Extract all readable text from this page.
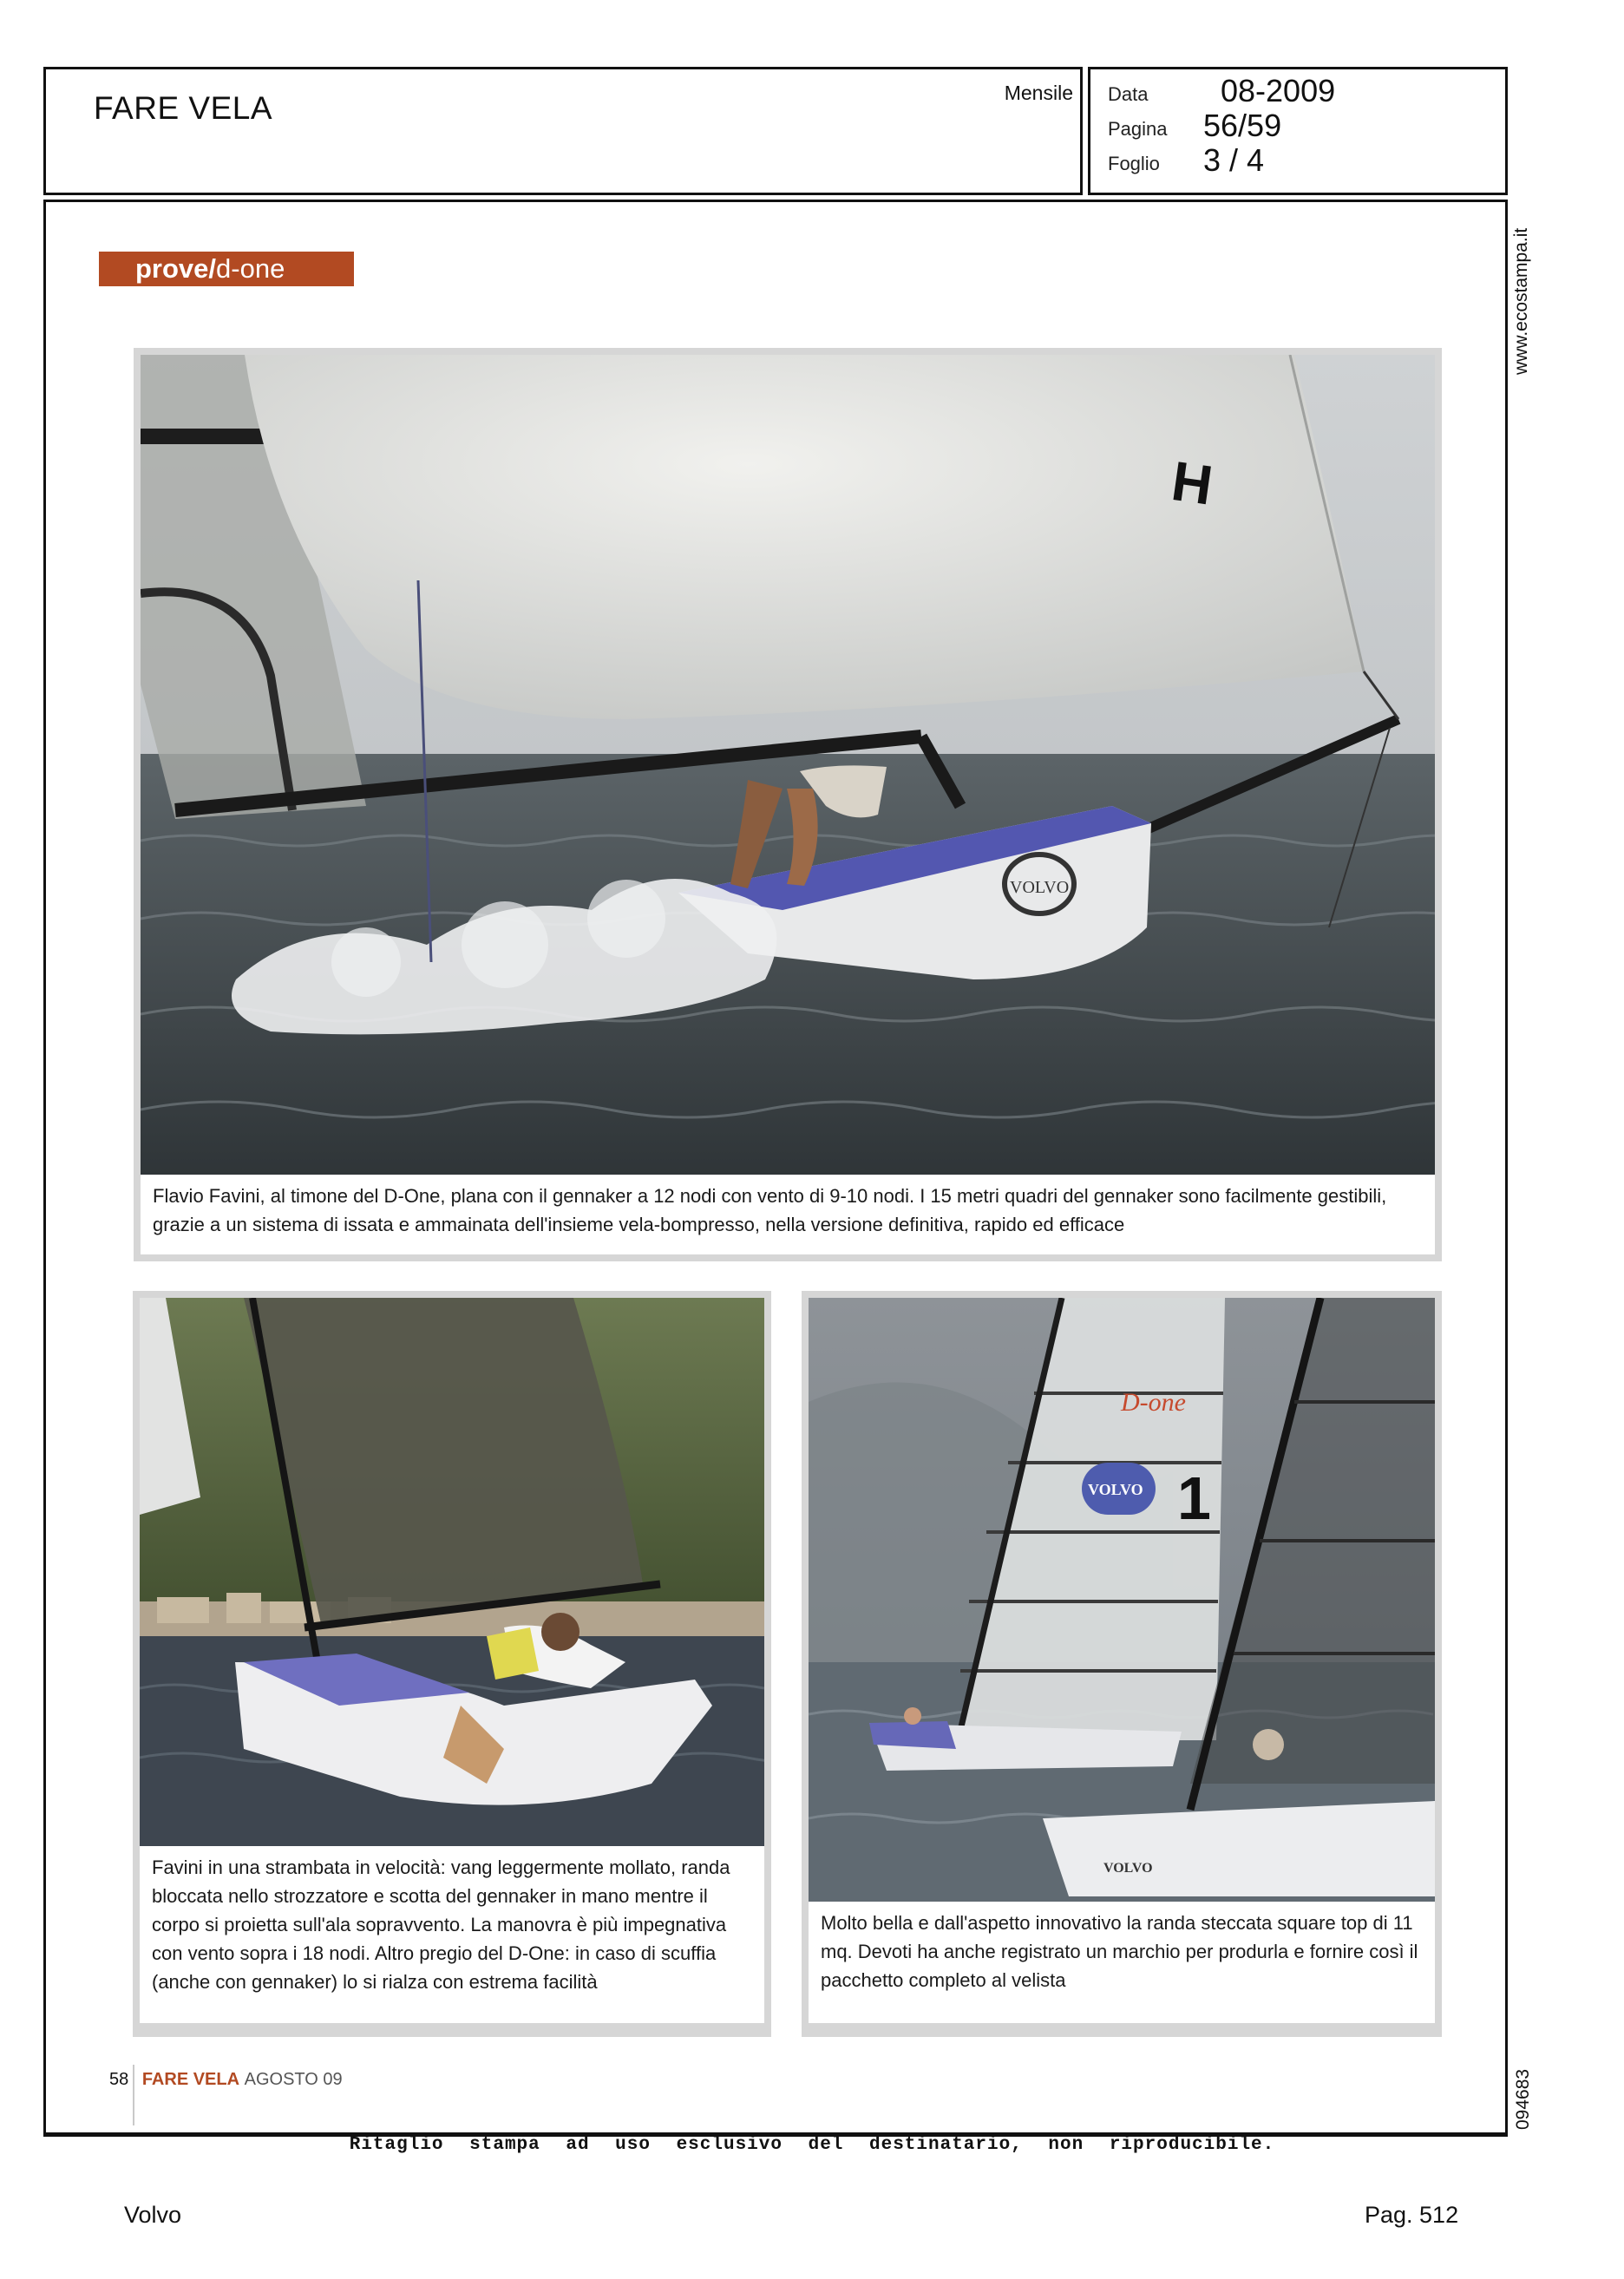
FARE VELA	Mensile Data 08-2009
Pagina 56/59
Foglio 3 / 4
www.ecostampa.it
094683
prove/d-one
H
VOLVO
Flavio Favini, al timone del D-One, plana con il gennaker a 12 nodi con vento di 9-10 nodi. I 15 metri quadri del gennaker sono facilmente gestibili, grazie a un sistema di issata e ammainata dell'insieme vela-bompresso, nella versione definitiva, rapido ed efficace
Favini in una strambata in velocità: vang leggermente mollato, randa bloccata nello strozzatore e scotta del gennaker in mano mentre il corpo si proietta sull'ala sopravvento. La manovra è più impegnativa con vento sopra i 18 nodi. Altro pregio del D-One: in caso di scuffia (anche con gennaker) lo si rialza con estrema facilità
D-one
VOLVO 1
VOLVO
Molto bella e dall'aspetto innovativo la randa steccata square top di 11 mq. Devoti ha anche registrato un marchio per produrla e fornire così il pacchetto completo al velista
58 FARE VELA AGOSTO 09
Ritaglio stampa ad uso esclusivo del destinatario, non riproducibile.
Volvo	Pag. 512
